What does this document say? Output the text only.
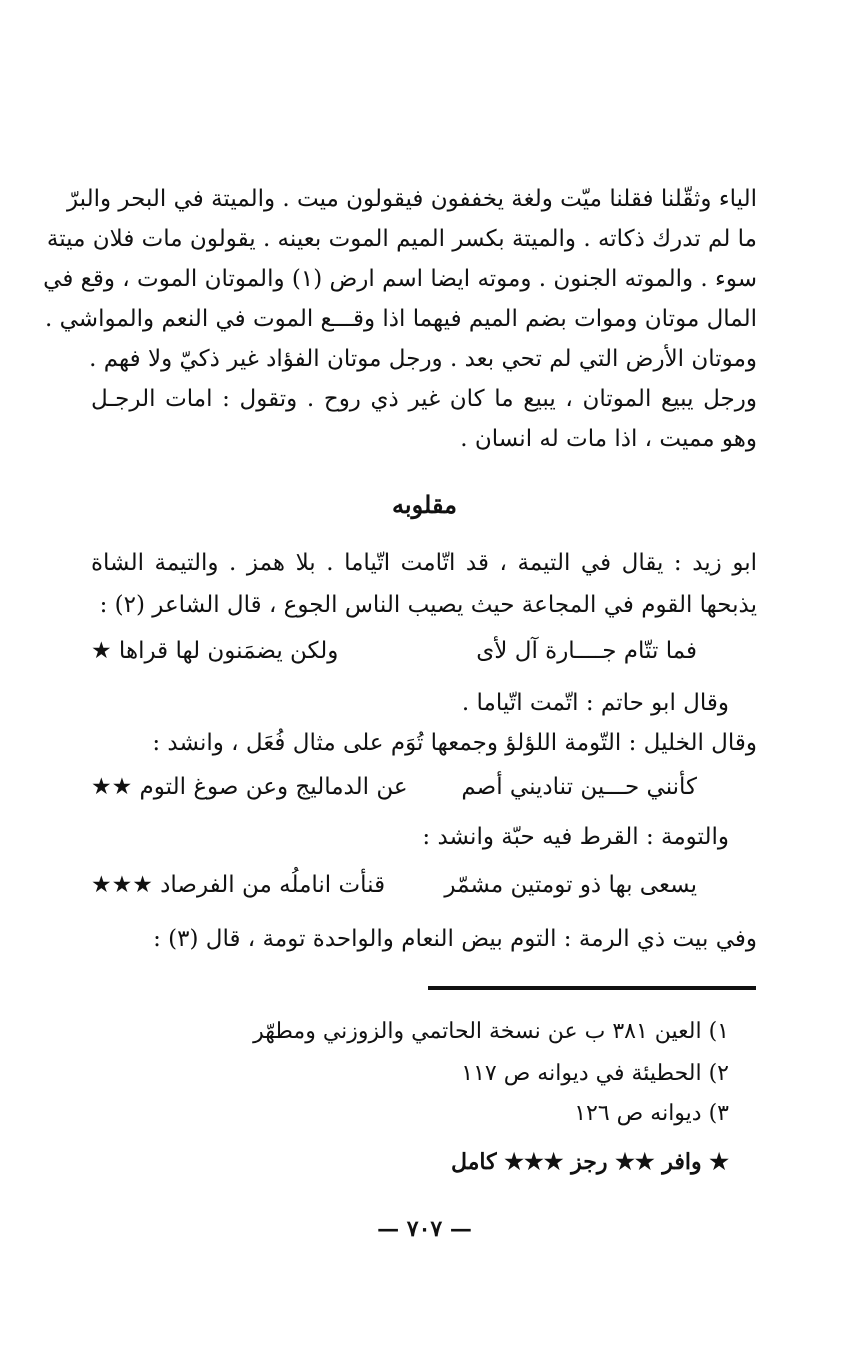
الياء وثقّلنا فقلنا ميّت ولغة يخففون فيقولون ميت . والميتة في البحر والبرّ
ما لم تدرك ذكاته . والميتة بكسر الميم الموت بعينه . يقولون مات فلان ميتة
سوء . والموته الجنون . وموته ايضا اسم ارض (١) والموتان الموت ، وقع في
المال موتان وموات بضم الميم فيهما اذا وقـــع الموت في النعم والمواشي .
وموتان الأرض التي لم تحي بعد . ورجل موتان الفؤاد غير ذكيّ ولا فهم .
ورجل يبيع الموتان ، يبيع ما كان غير ذي روح . وتقول : امات الرجـل
وهو مميت ، اذا مات له انسان .
مقلوبه
ابو زيد : يقال في التيمة ، قد اتّامت اتّياما . بلا همز . والتيمة الشاة
يذبحها القوم في المجاعة حيث يصيب الناس الجوع ، قال الشاعر (٢) :
فما تتّام جــــارة آل لأى
ولكن يضمَنون لها قراها ★
وقال ابو حاتم : اتّمت اتّياما .
وقال الخليل : التّومة اللؤلؤ وجمعها تُوَم على مثال فُعَل ، وانشد :
كأنني حـــين تناديني أصم
عن الدماليج وعن صوغ التوم ★★
والتومة : القرط فيه حبّة وانشد :
يسعى بها ذو تومتين مشمّر
قنأت اناملُه من الفرصاد ★★★
وفي بيت ذي الرمة : التوم بيض النعام والواحدة تومة ، قال (٣) :
١) العين ٣٨١ ب عن نسخة الحاتمي والزوزني ومطهّر
٢) الحطيئة في ديوانه ص ١١٧
٣) ديوانه ص ١٢٦
★ وافر ★★ رجز ★★★ كامل
— ٧٠٧ —
